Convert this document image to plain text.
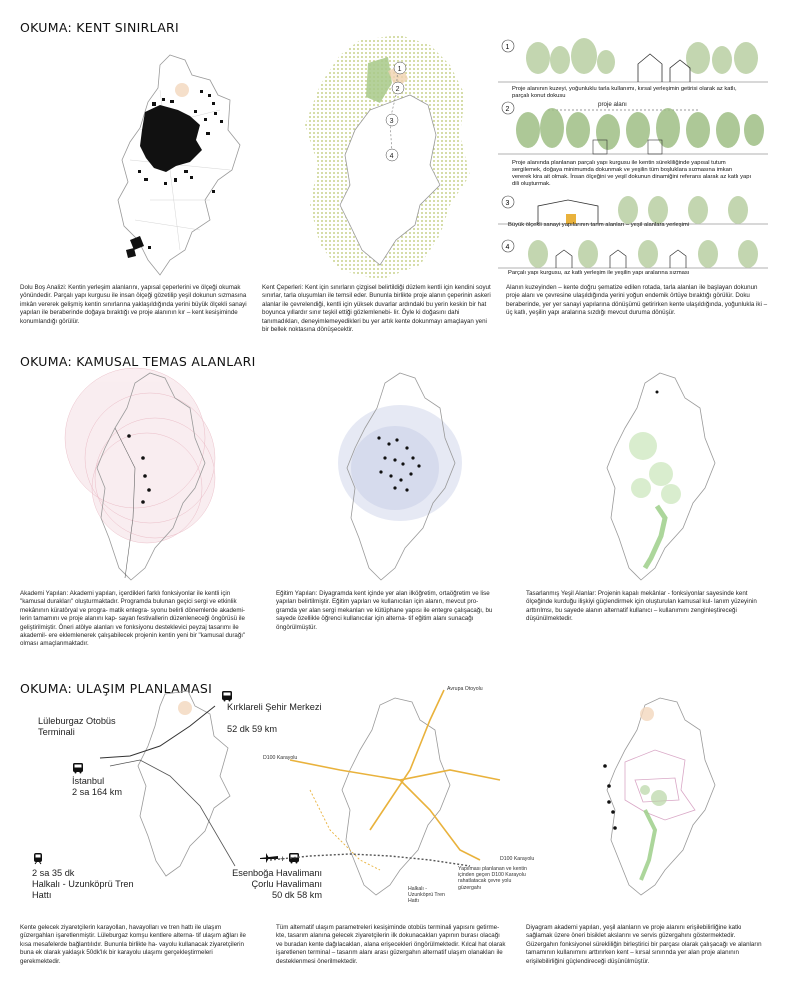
OKUMA: KENT SINIRLARI
1
2
3
4
1
Proje alanının kuzeyi, yoğunluklu tarla kullanımı, kırsal yerleşimin getirisi olarak az katlı, parçalı konut dokusu
2
proje alanı
Proje alanında planlanan parçalı yapı kurgusu ile kentin sürekliliğinde yapısal tutum sergilemek, doğaya minimumda dokunmak ve yeşilin tüm boşluklara sızmasına imkan vererek kira ait olmak. İnsan ölçeğini ve yeşil dokunun dinamiğini referans alarak az katlı yapı dili oluşturmak.
3
Büyük ölçekli sanayi yapılarının tarım alanları – yeşil alanlara yerleşimi
4
Parçalı yapı kurgusu, az katlı yerleşim ile yeşilin yapı aralarına sızması
Dolu Boş Analizi: Kentin yerleşim alanlarını, yapısal çeperlerini ve ölçeği okumak yönündedir. Parçalı yapı kurgusu ile insan ölçeği gözetilip yeşil dokunun sızmasına imkân vererek gelişmiş kentin sınırlarına yaklaşıldığında yerini büyük ölçekli sanayi yapıları ile beraberinde doğaya bıraktığı ve proje alanının kır – kent kesişiminde konumlandığı görülür.
Kent Çeperleri: Kent için sınırların çizgisel belirtildiği düzlem kentli için kendini soyut sınırlar, tarla oluşumları ile temsil eder. Bununla birlikte proje alanın çeperinin askeri alanlar ile çevrelendiği, kentli için yüksek duvarlar ardındaki bu yerin keskin bir hat boyunca yıllardır sınır teşkil ettiği gözlemlenebi- lir. Öyle ki doğasını dahi tanımadıkları, deneyimlemeyedikleri bu yer artık kente dokunmayı amaçlayan yeni bir bellek noktasına dönüşecektir.
Alanın kuzeyinden – kente doğru şematize edilen rotada, tarla alanları ile başlayan dokunun proje alanı ve çevresine ulaşıldığında yerini yoğun endemik örtüye bıraktığı görülür. Doku beraberinde, yer yer sanayi yapılarına dönüşümü getirirken kente ulaşıldığında, yoğunlukla iki – üç katlı, yeşilin yapı aralarına sızdığı mevcut duruma dönüşür.
OKUMA: KAMUSAL TEMAS ALANLARI
Akademi Yapıları: Akademi yapıları, içerdikleri farklı fonksiyonlar ile kentli için "kamusal durakları" oluşturmaktadır. Programda bulunan geçici sergi ve etkinlik mekânının küratöryal ve progra- matik entegra- syonu belirli dönemlerde akademi- lerin tamamını ve proje alanını kap- sayan festivallerin düzenleneceği öngörüsü ile geliştirilmiştir. Öneri atölye alanları ve fonksiyonu desteklevici peyzaj tasarımı ile akademil- ere eklemlenerek çalışabilecek projenin kentin yeni bir "kamusal durağı" olması amaçlanmaktadır.
Eğitim Yapıları: Diyagramda kent içinde yer alan ilköğretim, ortaöğretim ve lise yapıları belirtilmiştir. Eğitim yapıları ve kullanıcıları için alanın, mevcut pro- gramda yer alan sergi mekanları ve kütüphane yapısı ile entegre çalışacağı, bu sayede özellikle öğrenci kullanıcılar için alterna- tif eğitim alanı sunacağı öngörülmüştür.
Tasarlanmış Yeşil Alanlar: Projenin kapalı mekânlar - fonksiyonlar sayesinde kent ölçeğinde kurduğu ilişkiyi güçlendirmek için oluşturulan kamusal kul- lanım yüzeyinin arttırılmsı, bu sayede alanın alternatif kullanıcı – kullanımını zenginleştireceği düşünülmektedir.
OKUMA: ULAŞIM PLANLAMASI
Kırklareli Şehir Merkezi
52 dk 59 km
Lüleburgaz Otobüs Terminali
İstanbul
2 sa 164 km
2 sa 35 dk
Halkalı - Uzunköprü Tren Hattı
+
Esenboğa Havalimanı Çorlu Havalimanı
50 dk 58 km
Avrupa Otoyolu
D100 Karayolu
D100 Karayolu
Halkalı - Uzunköprü Tren Hattı
Yapılması planlanan ve kentin içinden geçen D100 Karayolu rahatlatacak çevre yolu güzergahı
Kente gelecek ziyaretçilerin karayolları, havayolları ve tren hattı ile ulaşım güzergahları işaretlenmiştir. Lüleburgaz komşu kentlere alterna- tif ulaşım ağları ile kısa mesafelerde bağlantılıdır. Bununla birlikte ha- vayolu kullanacak ziyaretçilerin buna ek olarak yaklaşık 50dk'lık bir karayolu ulaşımı gerçekleştirmeleri gerekmektedir.
Tüm alternatif ulaşım parametreleri kesişiminde otobüs terminali yapısını getirme- kte, tasarım alanına gelecek ziyaretçilerin ilk dokunacakları yapının burası olacağı ve buradan kente dağılacakları, alana erişecekleri öngörülmektedir. Kılcal hat olarak işaretlenen terminal – tasarım alanı arası güzergahın alternatif ulaşım olanakları ile desteklenmesi önerilmektedir.
Diyagram akademi yapıları, yeşil alanların ve proje alanını erişilebilirliğine katkı sağlamak üzere öneri bisiklet akslarını ve servis güzergahını göstermektedir. Güzergahın fonksiyonel sürekliliğin birleştirici bir parçası olarak çalışacağı ve alanların tamamının kullanımını arttırırken kent – kırsal sınırında yer alan proje alanının erişilebilirliğini güçlendireceği düşünülmüştür.
